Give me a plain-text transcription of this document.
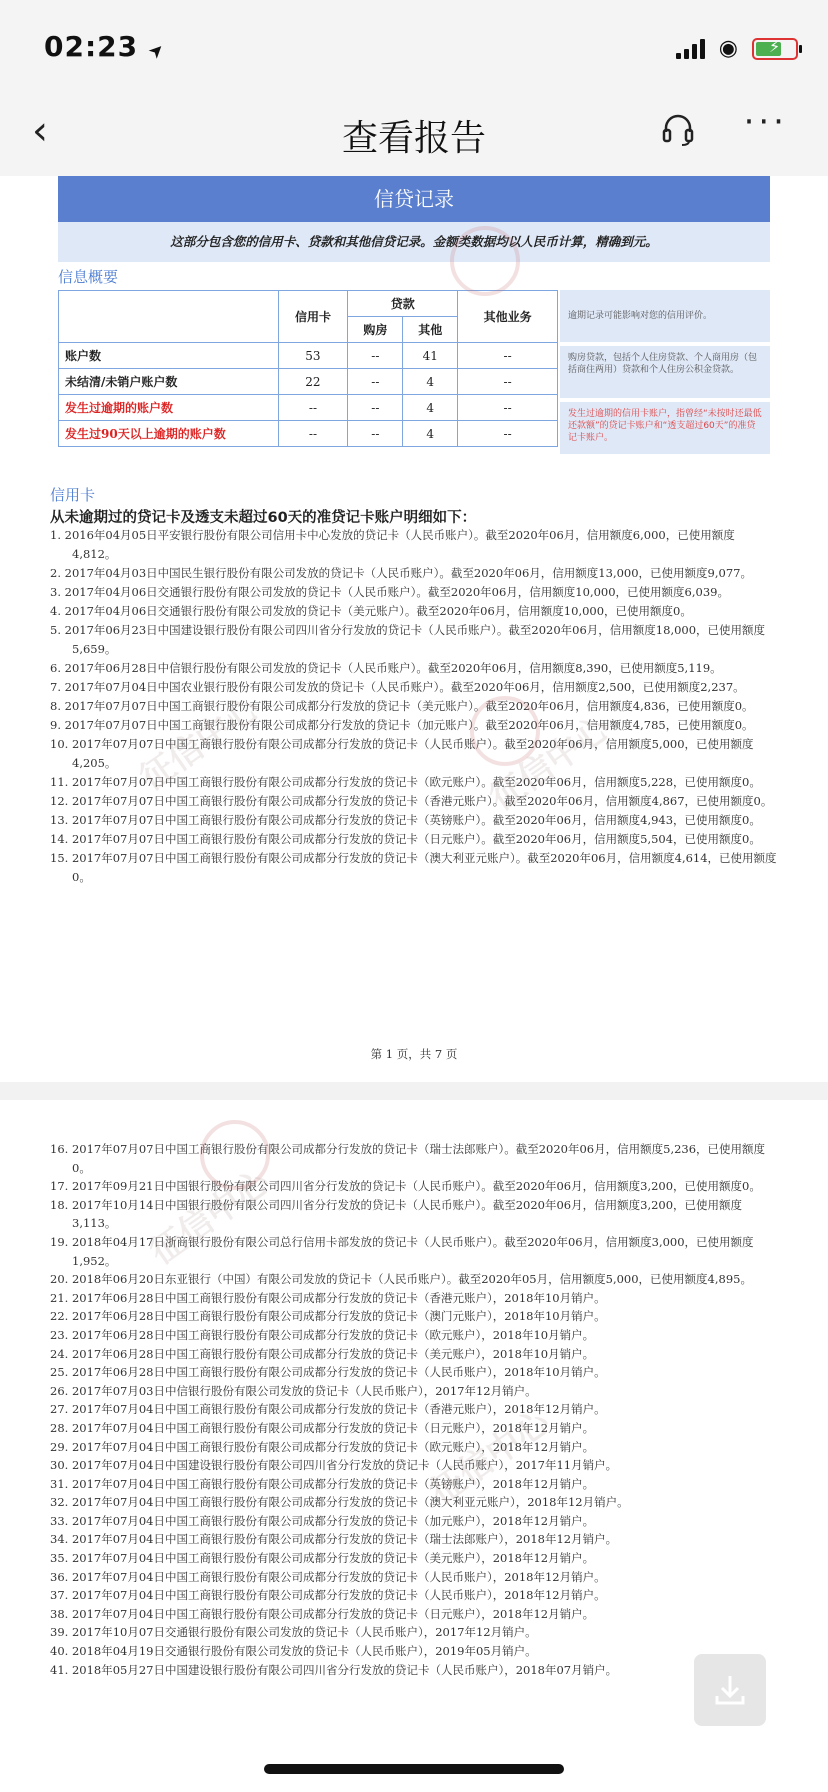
02:23 ➤	◉ ⚡
‹	查看报告	···
信贷记录
这部分包含您的信用卡、贷款和其他信贷记录。金额类数据均以人民币计算，精确到元。
信息概要
	信用卡	贷款		其他业务
		购房	其他	
账户数	53	--	41	--
未结清/未销户账户数	22	--	4	--
发生过逾期的账户数	--	--	4	--
发生过90天以上逾期的账户数	--	--	4	--
逾期记录可能影响对您的信用评价。
购房贷款，包括个人住房贷款、个人商用房（包括商住两用）贷款和个人住房公积金贷款。
发生过逾期的信用卡账户，指曾经“未按时还最低还款额”的贷记卡账户和“透支超过60天”的准贷记卡账户。
信用卡
从未逾期过的贷记卡及透支未超过60天的准贷记卡账户明细如下：
1. 2016年04月05日平安银行股份有限公司信用卡中心发放的贷记卡（人民币账户）。截至2020年06月，信用额度6,000，已使用额度4,812。
2. 2017年04月03日中国民生银行股份有限公司发放的贷记卡（人民币账户）。截至2020年06月，信用额度13,000，已使用额度9,077。
3. 2017年04月06日交通银行股份有限公司发放的贷记卡（人民币账户）。截至2020年06月，信用额度10,000，已使用额度6,039。
4. 2017年04月06日交通银行股份有限公司发放的贷记卡（美元账户）。截至2020年06月，信用额度10,000，已使用额度0。
5. 2017年06月23日中国建设银行股份有限公司四川省分行发放的贷记卡（人民币账户）。截至2020年06月，信用额度18,000，已使用额度5,659。
6. 2017年06月28日中信银行股份有限公司发放的贷记卡（人民币账户）。截至2020年06月，信用额度8,390，已使用额度5,119。
7. 2017年07月04日中国农业银行股份有限公司发放的贷记卡（人民币账户）。截至2020年06月，信用额度2,500，已使用额度2,237。
8. 2017年07月07日中国工商银行股份有限公司成都分行发放的贷记卡（美元账户）。截至2020年06月，信用额度4,836，已使用额度0。
9. 2017年07月07日中国工商银行股份有限公司成都分行发放的贷记卡（加元账户）。截至2020年06月，信用额度4,785，已使用额度0。
10. 2017年07月07日中国工商银行股份有限公司成都分行发放的贷记卡（人民币账户）。截至2020年06月，信用额度5,000，已使用额度4,205。
11. 2017年07月07日中国工商银行股份有限公司成都分行发放的贷记卡（欧元账户）。截至2020年06月，信用额度5,228，已使用额度0。
12. 2017年07月07日中国工商银行股份有限公司成都分行发放的贷记卡（香港元账户）。截至2020年06月，信用额度4,867，已使用额度0。
13. 2017年07月07日中国工商银行股份有限公司成都分行发放的贷记卡（英镑账户）。截至2020年06月，信用额度4,943，已使用额度0。
14. 2017年07月07日中国工商银行股份有限公司成都分行发放的贷记卡（日元账户）。截至2020年06月，信用额度5,504，已使用额度0。
15. 2017年07月07日中国工商银行股份有限公司成都分行发放的贷记卡（澳大利亚元账户）。截至2020年06月，信用额度4,614，已使用额度0。
第 1 页，共 7 页
征信中心	征信中心
16. 2017年07月07日中国工商银行股份有限公司成都分行发放的贷记卡（瑞士法郎账户）。截至2020年06月，信用额度5,236，已使用额度0。
17. 2017年09月21日中国银行股份有限公司四川省分行发放的贷记卡（人民币账户）。截至2020年06月，信用额度3,200，已使用额度0。
18. 2017年10月14日中国银行股份有限公司四川省分行发放的贷记卡（人民币账户）。截至2020年06月，信用额度3,200，已使用额度3,113。
19. 2018年04月17日浙商银行股份有限公司总行信用卡部发放的贷记卡（人民币账户）。截至2020年06月，信用额度3,000，已使用额度1,952。
20. 2018年06月20日东亚银行（中国）有限公司发放的贷记卡（人民币账户）。截至2020年05月，信用额度5,000，已使用额度4,895。
21. 2017年06月28日中国工商银行股份有限公司成都分行发放的贷记卡（香港元账户），2018年10月销户。
22. 2017年06月28日中国工商银行股份有限公司成都分行发放的贷记卡（澳门元账户），2018年10月销户。
23. 2017年06月28日中国工商银行股份有限公司成都分行发放的贷记卡（欧元账户），2018年10月销户。
24. 2017年06月28日中国工商银行股份有限公司成都分行发放的贷记卡（美元账户），2018年10月销户。
25. 2017年06月28日中国工商银行股份有限公司成都分行发放的贷记卡（人民币账户），2018年10月销户。
26. 2017年07月03日中信银行股份有限公司发放的贷记卡（人民币账户），2017年12月销户。
27. 2017年07月04日中国工商银行股份有限公司成都分行发放的贷记卡（香港元账户），2018年12月销户。
28. 2017年07月04日中国工商银行股份有限公司成都分行发放的贷记卡（日元账户），2018年12月销户。
29. 2017年07月04日中国工商银行股份有限公司成都分行发放的贷记卡（欧元账户），2018年12月销户。
30. 2017年07月04日中国建设银行股份有限公司四川省分行发放的贷记卡（人民币账户），2017年11月销户。
31. 2017年07月04日中国工商银行股份有限公司成都分行发放的贷记卡（英镑账户），2018年12月销户。
32. 2017年07月04日中国工商银行股份有限公司成都分行发放的贷记卡（澳大利亚元账户），2018年12月销户。
33. 2017年07月04日中国工商银行股份有限公司成都分行发放的贷记卡（加元账户），2018年12月销户。
34. 2017年07月04日中国工商银行股份有限公司成都分行发放的贷记卡（瑞士法郎账户），2018年12月销户。
35. 2017年07月04日中国工商银行股份有限公司成都分行发放的贷记卡（美元账户），2018年12月销户。
36. 2017年07月04日中国工商银行股份有限公司成都分行发放的贷记卡（人民币账户），2018年12月销户。
37. 2017年07月04日中国工商银行股份有限公司成都分行发放的贷记卡（人民币账户），2018年12月销户。
38. 2017年07月04日中国工商银行股份有限公司成都分行发放的贷记卡（日元账户），2018年12月销户。
39. 2017年10月07日交通银行股份有限公司发放的贷记卡（人民币账户），2017年12月销户。
40. 2018年04月19日交通银行股份有限公司发放的贷记卡（人民币账户），2019年05月销户。
41. 2018年05月27日中国建设银行股份有限公司四川省分行发放的贷记卡（人民币账户），2018年07月销户。
征信中心
征信中心
